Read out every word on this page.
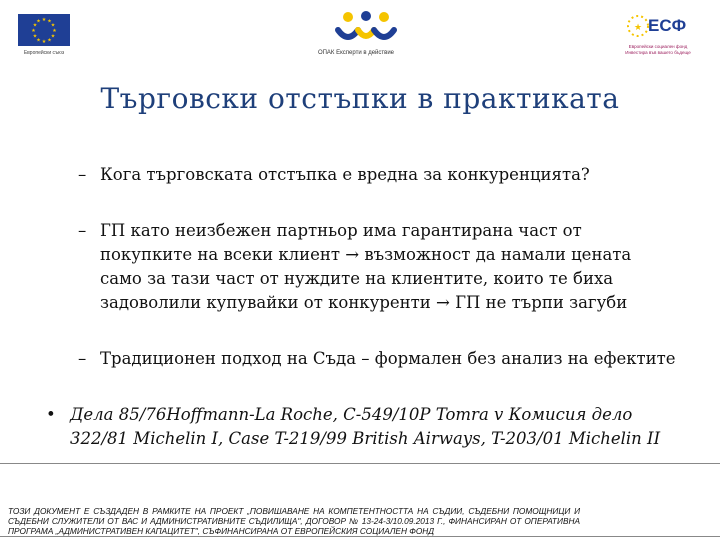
★ ★
★
★
★
★
★
★
★
★
★
★
Европейски съюз	ОПАК Експерти в действие
★ ЕСФ
Европейски социален фонд
Инвестира във вашето бъдеще
Търговски отстъпки в практиката
– Кога търговската отстъпка е вредна за конкуренцията?
– ГП като неизбежен партньор има гарантирана част от покупките на всеки клиент → възможност да намали цената само за тази част от нуждите на клиентите, които те биха задоволили купувайки от конкуренти → ГП не търпи загуби
– Традиционен подход на Съда – формален без анализ на ефектите
• Дела 85/76Hoffmann-La Roche, C-549/10P Tomra v Комисия дело 322/81 Michelin I, Case T-219/99 British Airways, T-203/01 Michelin II
ТОЗИ ДОКУМЕНТ Е СЪЗДАДЕН В РАМКИТЕ НА ПРОЕКТ „ПОВИШАВАНЕ НА КОМПЕТЕНТНОСТТА НА СЪДИИ, СЪДЕБНИ ПОМОЩНИЦИ И СЪДЕБНИ СЛУЖИТЕЛИ ОТ ВАС И АДМИНИСТРАТИВНИТЕ СЪДИЛИЩА", ДОГОВОР № 13-24-3/10.09.2013 Г., ФИНАНСИРАН ОТ ОПЕРАТИВНА ПРОГРАМА „АДМИНИСТРАТИВЕН КАПАЦИТЕТ", СЪФИНАНСИРАНА ОТ ЕВРОПЕЙСКИЯ СОЦИАЛЕН ФОНД
